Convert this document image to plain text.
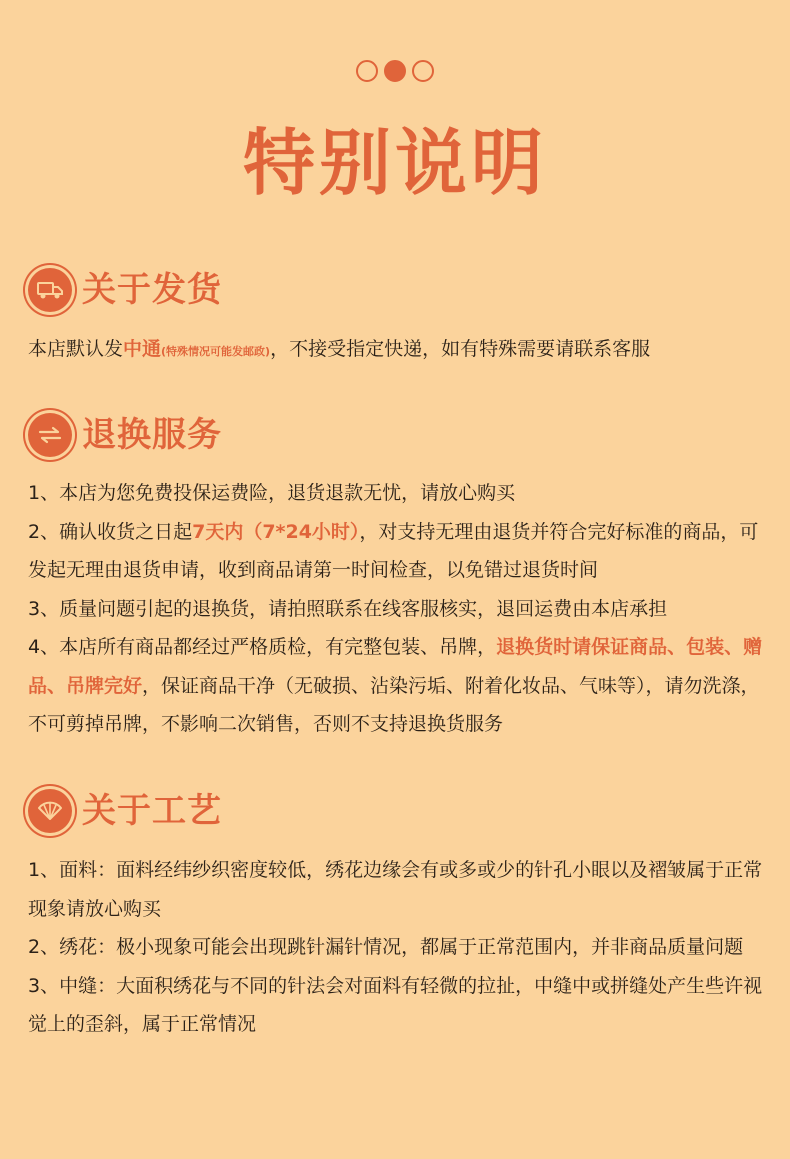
特别说明
关于发货
本店默认发中通(特殊情况可能发邮政)，不接受指定快递，如有特殊需要请联系客服
退换服务
1、本店为您免费投保运费险，退货退款无忧，请放心购买
2、确认收货之日起7天内（7*24小时），对支持无理由退货并符合完好标准的商品，可发起无理由退货申请，收到商品请第一时间检查，以免错过退货时间
3、质量问题引起的退换货，请拍照联系在线客服核实，退回运费由本店承担
4、本店所有商品都经过严格质检，有完整包装、吊牌，退换货时请保证商品、包装、赠品、吊牌完好，保证商品干净（无破损、沾染污垢、附着化妆品、气味等），请勿洗涤，不可剪掉吊牌，不影响二次销售，否则不支持退换货服务
关于工艺
1、面料：面料经纬纱织密度较低，绣花边缘会有或多或少的针孔小眼以及褶皱属于正常现象请放心购买
2、绣花：极小现象可能会出现跳针漏针情况，都属于正常范围内，并非商品质量问题
3、中缝：大面积绣花与不同的针法会对面料有轻微的拉扯，中缝中或拼缝处产生些许视觉上的歪斜，属于正常情况
